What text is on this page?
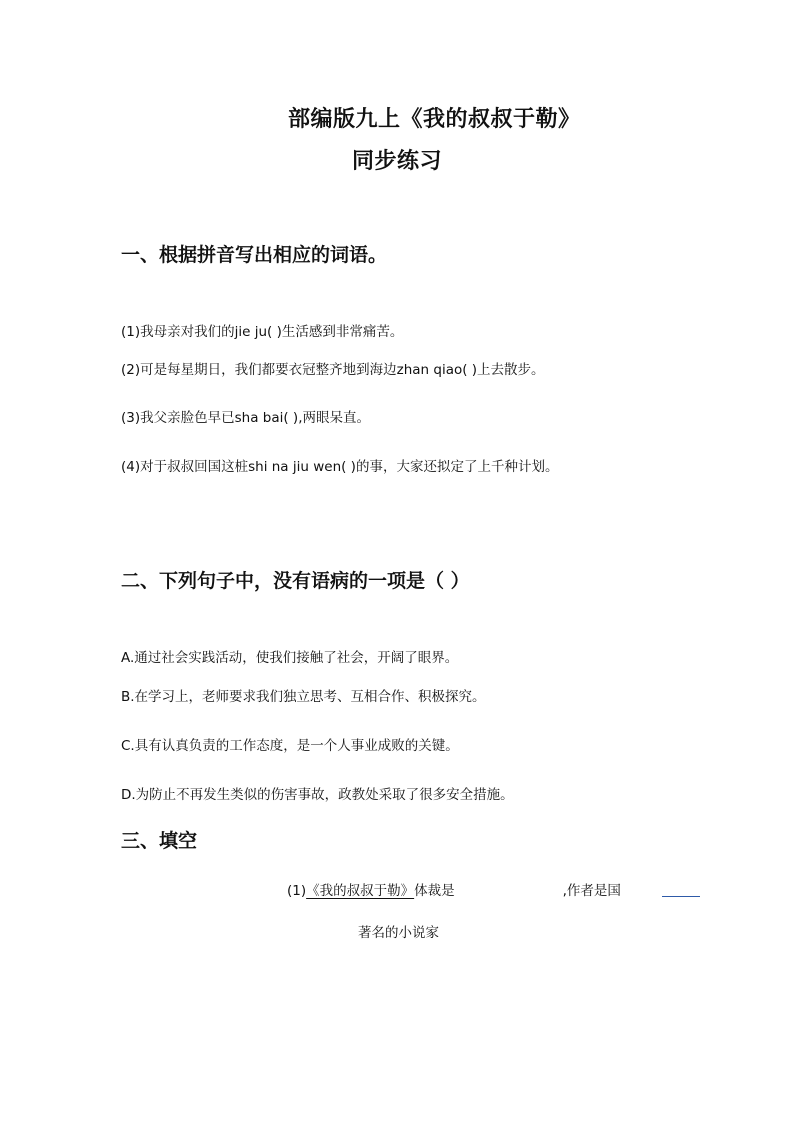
部编版九上《我的叔叔于勒》
同步练习
一、根据拼音写出相应的词语。
(1)我母亲对我们的jie ju( )生活感到非常痛苦。
(2)可是每星期日，我们都要衣冠整齐地到海边zhan qiao( )上去散步。
(3)我父亲脸色早已sha bai( ),两眼呆直。
(4)对于叔叔回国这桩shi na jiu wen( )的事，大家还拟定了上千种计划。
二、下列句子中，没有语病的一项是（ ）
A.通过社会实践活动，使我们接触了社会，开阔了眼界。
B.在学习上，老师要求我们独立思考、互相合作、积极探究。
C.具有认真负责的工作态度，是一个人事业成败的关键。
D.为防止不再发生类似的伤害事故，政教处采取了很多安全措施。
三、填空
(1)《我的叔叔于勒》体裁是	,作者是国
著名的小说家
